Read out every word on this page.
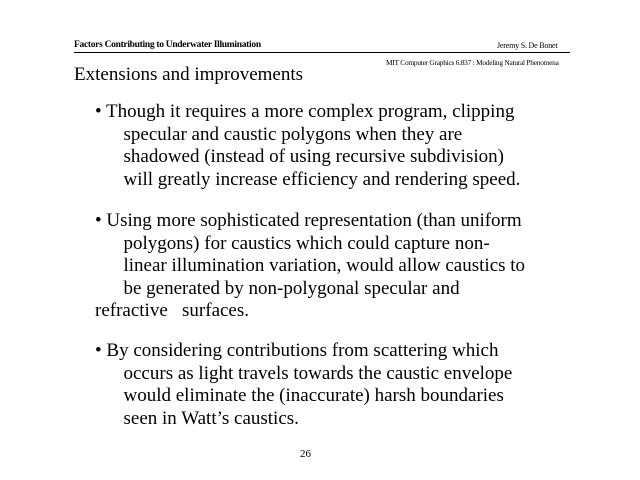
Factors Contributing to Underwater Illumination	Jeremy S. De Bonet
MIT Computer Graphics 6.837 : Modeling Natural Phenomena
Extensions and improvements
• Though it requires a more complex program, clipping
specular and caustic polygons when they are
shadowed (instead of using recursive subdivision)
will greatly increase efficiency and rendering speed.
• Using more sophisticated representation (than uniform
polygons) for caustics which could capture non-
linear illumination variation, would allow caustics to
be generated by non-polygonal specular and
refractive   surfaces.
• By considering contributions from scattering which
occurs as light travels towards the caustic envelope
would eliminate the (inaccurate) harsh boundaries
seen in Watt’s caustics.
26
